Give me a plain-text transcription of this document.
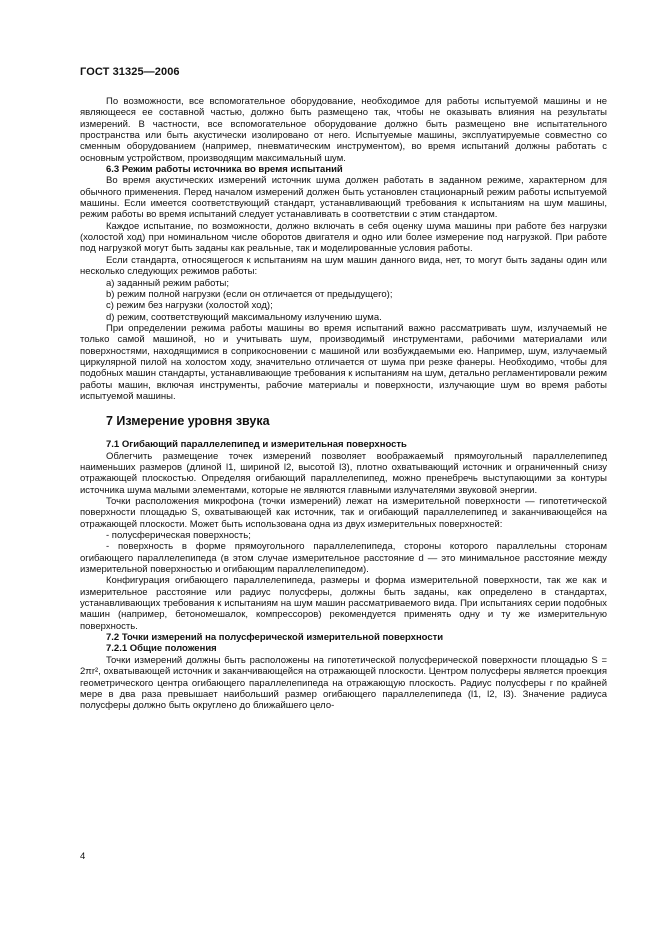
ГОСТ 31325—2006

По возможности, все вспомогательное оборудование, необходимое для работы испытуемой машины и не являющееся ее составной частью, должно быть размещено так, чтобы не оказывать влияния на результаты измерений. В частности, все вспомогательное оборудование должно быть размещено вне испытательного пространства или быть акустически изолировано от него. Испытуемые машины, эксплуатируемые совместно со сменным оборудованием (например, пневматическим инструментом), во время испытаний должны работать с основным устройством, производящим максимальный шум.

6.3 Режим работы источника во время испытаний

Во время акустических измерений источник шума должен работать в заданном режиме, характерном для обычного применения. Перед началом измерений должен быть установлен стационарный режим работы испытуемой машины. Если имеется соответствующий стандарт, устанавливающий требования к испытаниям на шум машины, режим работы во время испытаний следует устанавливать в соответствии с этим стандартом.

Каждое испытание, по возможности, должно включать в себя оценку шума машины при работе без нагрузки (холостой ход) при номинальном числе оборотов двигателя и одно или более измерение под нагрузкой. При работе под нагрузкой могут быть заданы как реальные, так и моделированные условия работы.

Если стандарта, относящегося к испытаниям на шум машин данного вида, нет, то могут быть заданы один или несколько следующих режимов работы:

a) заданный режим работы;

b) режим полной нагрузки (если он отличается от предыдущего);

c) режим без нагрузки (холостой ход);

d) режим, соответствующий максимальному излучению шума.

При определении режима работы машины во время испытаний важно рассматривать шум, излучаемый не только самой машиной, но и учитывать шум, производимый инструментами, рабочими материалами или поверхностями, находящимися в соприкосновении с машиной или возбуждаемыми ею. Например, шум, излучаемый циркулярной пилой на холостом ходу, значительно отличается от шума при резке фанеры. Необходимо, чтобы для подобных машин стандарты, устанавливающие требования к испытаниям на шум, детально регламентировали режим работы машин, включая инструменты, рабочие материалы и поверхности, излучающие шум во время работы испытуемой машины.

7 Измерение уровня звука

7.1 Огибающий параллелепипед и измерительная поверхность

Облегчить размещение точек измерений позволяет воображаемый прямоугольный параллелепипед наименьших размеров (длиной l1, шириной l2, высотой l3), плотно охватывающий источник и ограниченный снизу отражающей плоскостью. Определяя огибающий параллелепипед, можно пренебречь выступающими за контуры источника шума малыми элементами, которые не являются главными излучателями звуковой энергии.

Точки расположения микрофона (точки измерений) лежат на измерительной поверхности — гипотетической поверхности площадью S, охватывающей как источник, так и огибающий параллелепипед и заканчивающейся на отражающей плоскости. Может быть использована одна из двух измерительных поверхностей:

- полусферическая поверхность;

- поверхность в форме прямоугольного параллелепипеда, стороны которого параллельны сторонам огибающего параллелепипеда (в этом случае измерительное расстояние d — это минимальное расстояние между измерительной поверхностью и огибающим параллелепипедом).

Конфигурация огибающего параллелепипеда, размеры и форма измерительной поверхности, так же как и измерительное расстояние или радиус полусферы, должны быть заданы, как определено в стандартах, устанавливающих требования к испытаниям на шум машин рассматриваемого вида. При испытаниях серии подобных машин (например, бетономешалок, компрессоров) рекомендуется применять одну и ту же измерительную поверхность.

7.2 Точки измерений на полусферической измерительной поверхности

7.2.1 Общие положения

Точки измерений должны быть расположены на гипотетической полусферической поверхности площадью S = 2πr², охватывающей источник и заканчивающейся на отражающей плоскости. Центром полусферы является проекция геометрического центра огибающего параллелепипеда на отражающую плоскость. Радиус полусферы r по крайней мере в два раза превышает наибольший размер огибающего параллелепипеда (l1, l2, l3). Значение радиуса полусферы должно быть округлено до ближайшего цело-

4
